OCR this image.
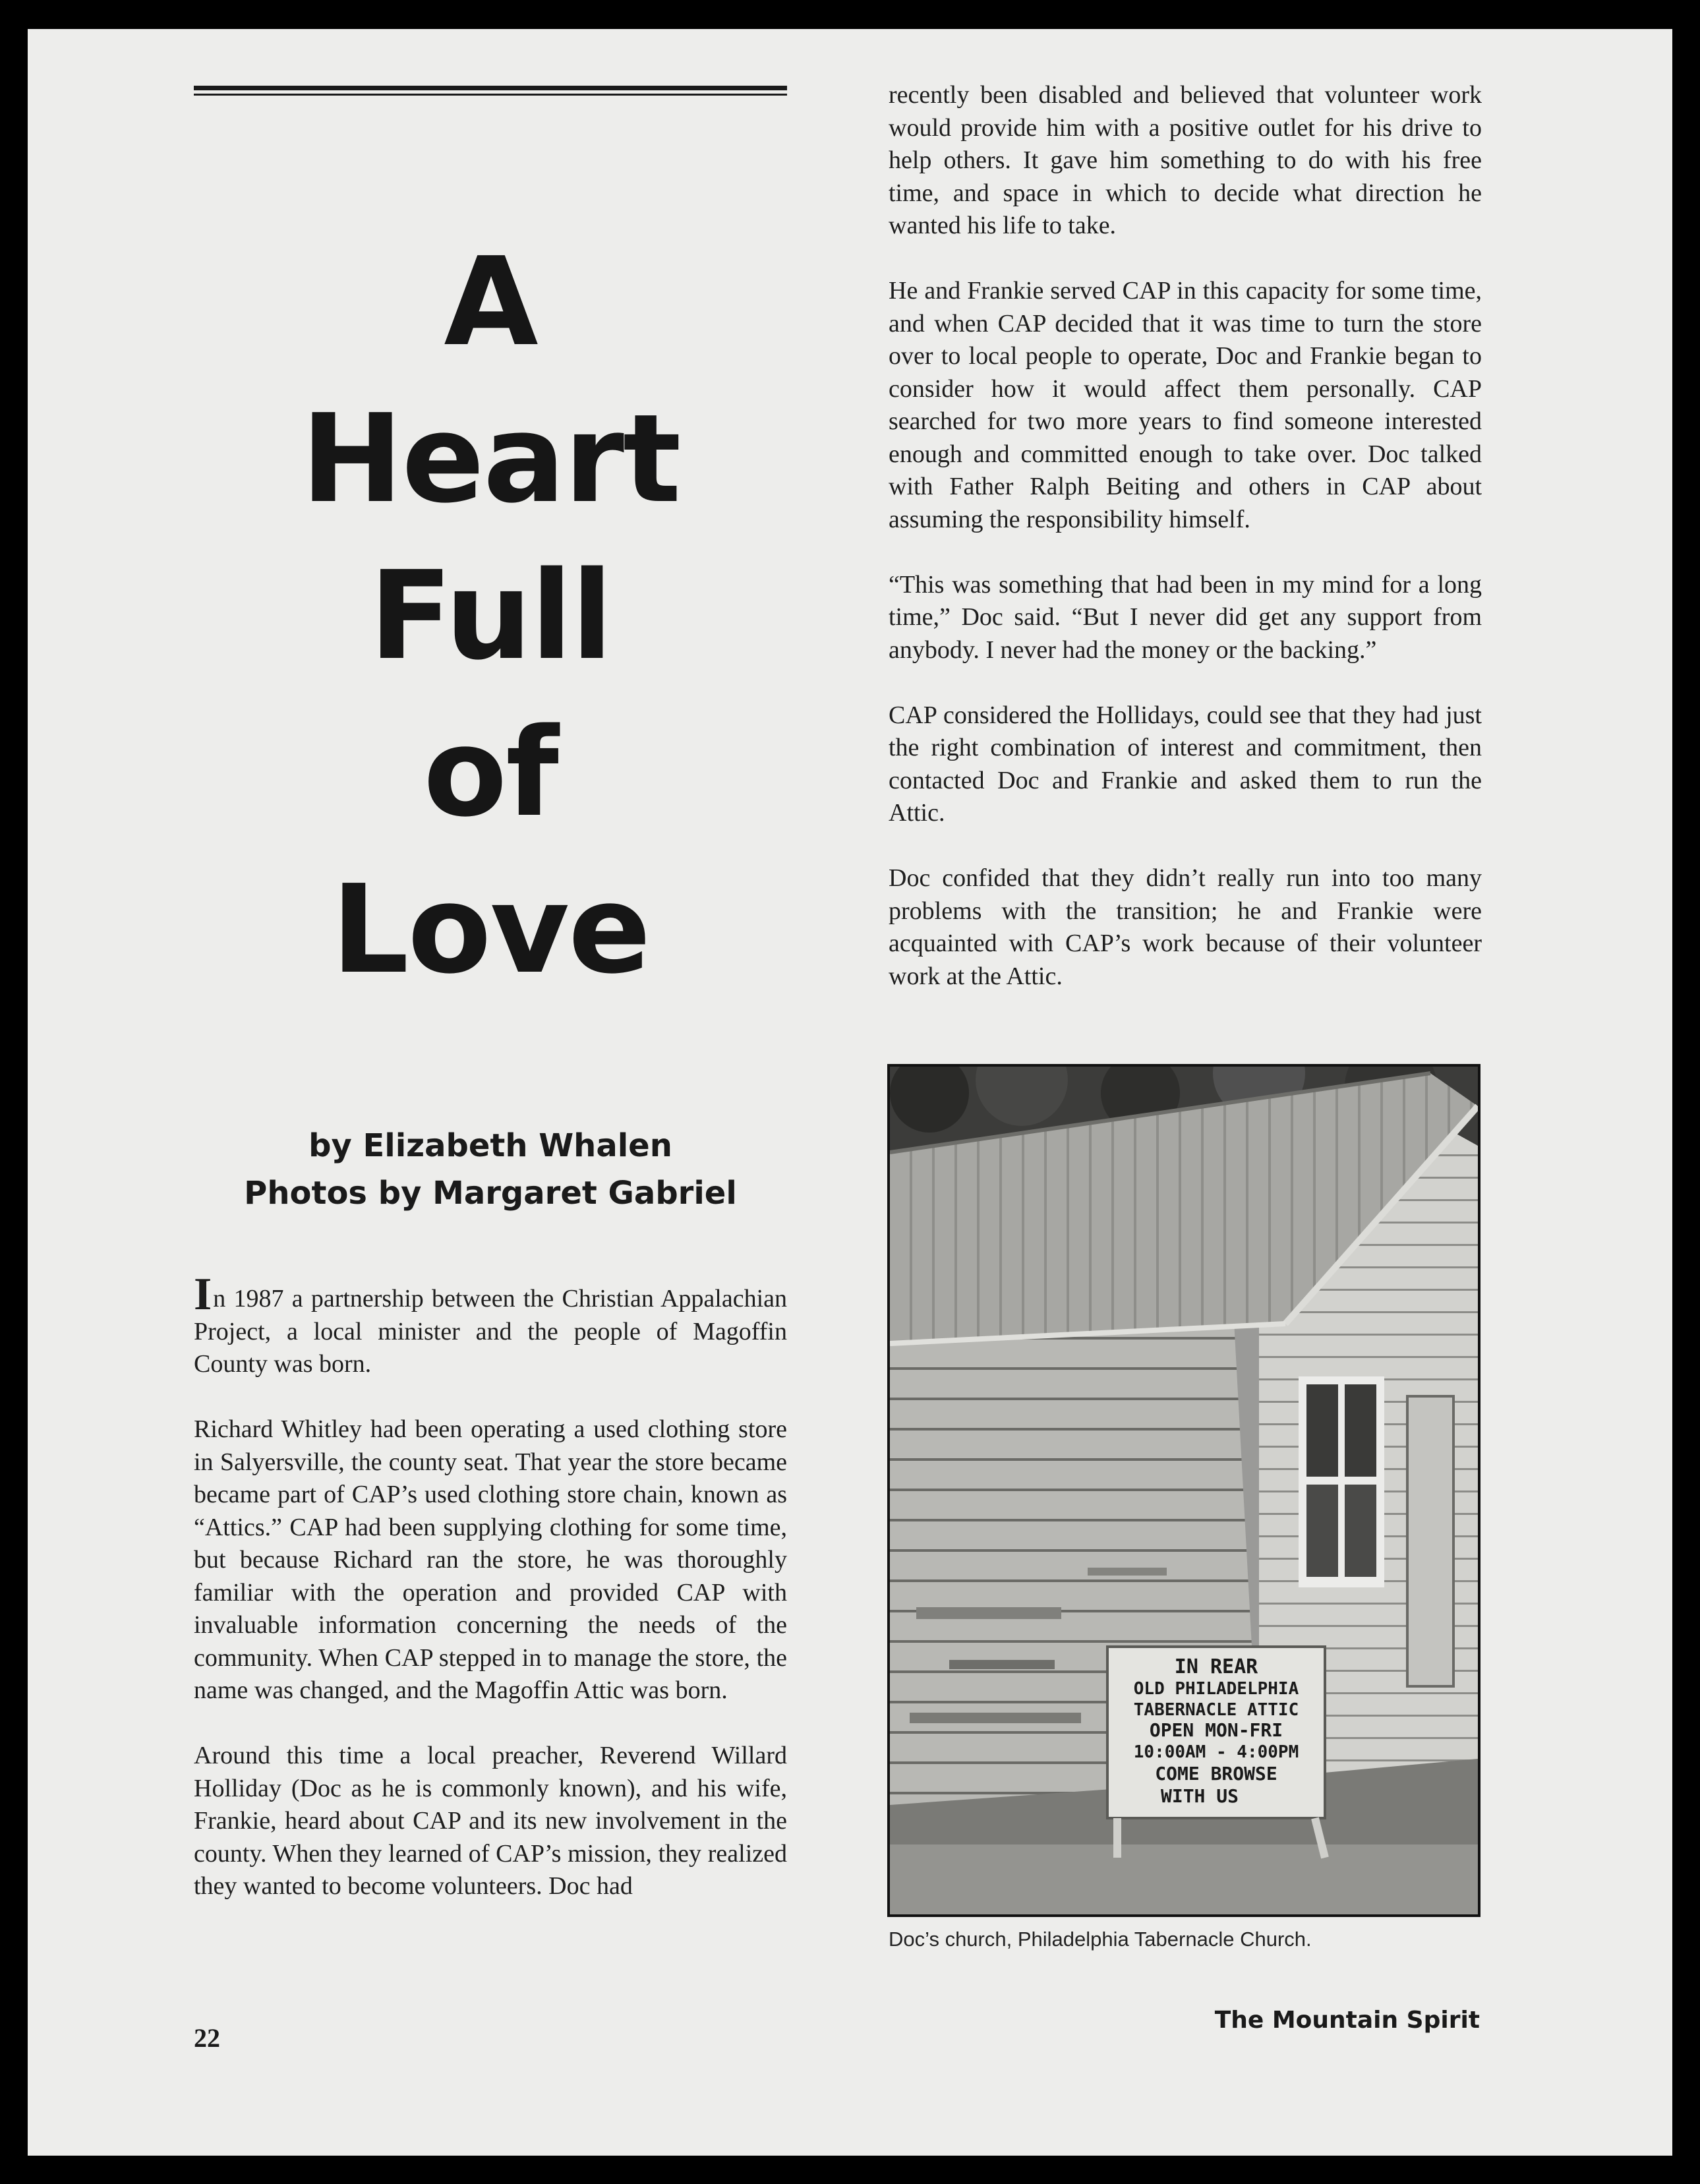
A
Heart
Full
of
Love
by Elizabeth Whalen
Photos by Margaret Gabriel

In 1987 a partnership between the Christian Appalachian Project, a local minister and the people of Magoffin County was born.

Richard Whitley had been operating a used clothing store in Salyersville, the county seat. That year the store became became part of CAP’s used clothing store chain, known as “Attics.” CAP had been supplying clothing for some time, but because Richard ran the store, he was thoroughly familiar with the operation and provided CAP with invaluable information concerning the needs of the community. When CAP stepped in to manage the store, the name was changed, and the Magoffin Attic was born.

Around this time a local preacher, Reverend Willard Holliday (Doc as he is commonly known), and his wife, Frankie, heard about CAP and its new involvement in the county. When they learned of CAP’s mission, they realized they wanted to become volunteers. Doc had

recently been disabled and believed that volunteer work would provide him with a positive outlet for his drive to help others. It gave him something to do with his free time, and space in which to decide what direction he wanted his life to take.

He and Frankie served CAP in this capacity for some time, and when CAP decided that it was time to turn the store over to local people to operate, Doc and Frankie began to consider how it would affect them personally. CAP searched for two more years to find someone interested enough and committed enough to take over. Doc talked with Father Ralph Beiting and others in CAP about assuming the responsibility himself.

“This was something that had been in my mind for a long time,” Doc said. “But I never did get any support from anybody. I never had the money or the backing.”

CAP considered the Hollidays, could see that they had just the right combination of interest and commitment, then contacted Doc and Frankie and asked them to run the Attic.

Doc confided that they didn’t really run into too many problems with the transition; he and Frankie were acquainted with CAP’s work because of their volunteer work at the Attic.

IN REAR
OLD PHILADELPHIA
TABERNACLE ATTIC
OPEN MON-FRI
10:00AM - 4:00PM
COME BROWSE
WITH US
Doc’s church, Philadelphia Tabernacle Church.
22
The Mountain Spirit
